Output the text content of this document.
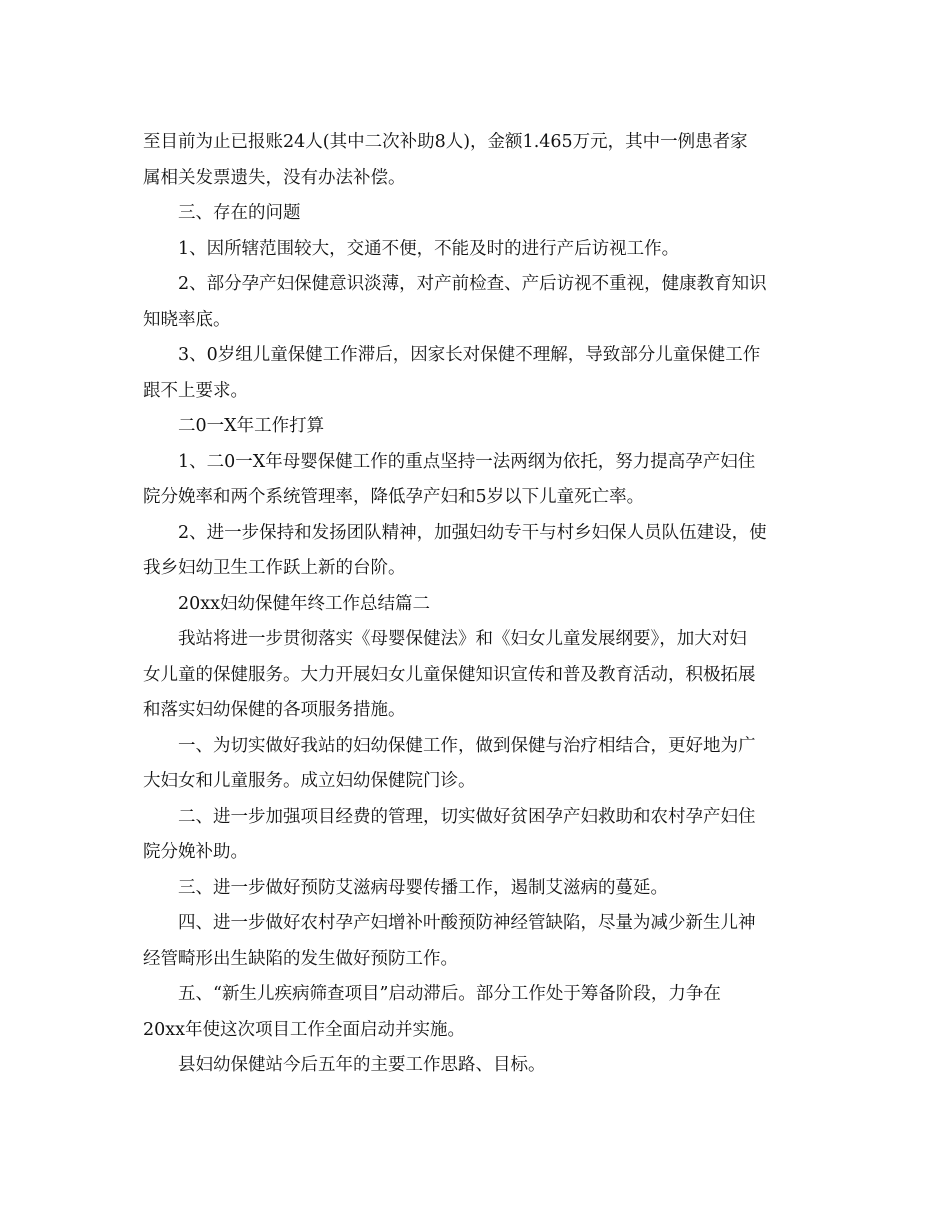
至目前为止已报账24人(其中二次补助8人)，金额1.465万元，其中一例患者家
属相关发票遗失，没有办法补偿。
三、存在的问题
1、因所辖范围较大，交通不便，不能及时的进行产后访视工作。
2、部分孕产妇保健意识淡薄，对产前检查、产后访视不重视，健康教育知识
知晓率底。
3、0岁组儿童保健工作滞后，因家长对保健不理解，导致部分儿童保健工作
跟不上要求。
二0一X年工作打算
1、二0一X年母婴保健工作的重点坚持一法两纲为依托，努力提高孕产妇住
院分娩率和两个系统管理率，降低孕产妇和5岁以下儿童死亡率。
2、进一步保持和发扬团队精神，加强妇幼专干与村乡妇保人员队伍建设，使
我乡妇幼卫生工作跃上新的台阶。
20xx妇幼保健年终工作总结篇二
我站将进一步贯彻落实《母婴保健法》和《妇女儿童发展纲要》，加大对妇
女儿童的保健服务。大力开展妇女儿童保健知识宣传和普及教育活动，积极拓展
和落实妇幼保健的各项服务措施。
一、为切实做好我站的妇幼保健工作，做到保健与治疗相结合，更好地为广
大妇女和儿童服务。成立妇幼保健院门诊。
二、进一步加强项目经费的管理，切实做好贫困孕产妇救助和农村孕产妇住
院分娩补助。
三、进一步做好预防艾滋病母婴传播工作，遏制艾滋病的蔓延。
四、进一步做好农村孕产妇增补叶酸预防神经管缺陷，尽量为减少新生儿神
经管畸形出生缺陷的发生做好预防工作。
五、“新生儿疾病筛查项目”启动滞后。部分工作处于筹备阶段，力争在
20xx年使这次项目工作全面启动并实施。
县妇幼保健站今后五年的主要工作思路、目标。
